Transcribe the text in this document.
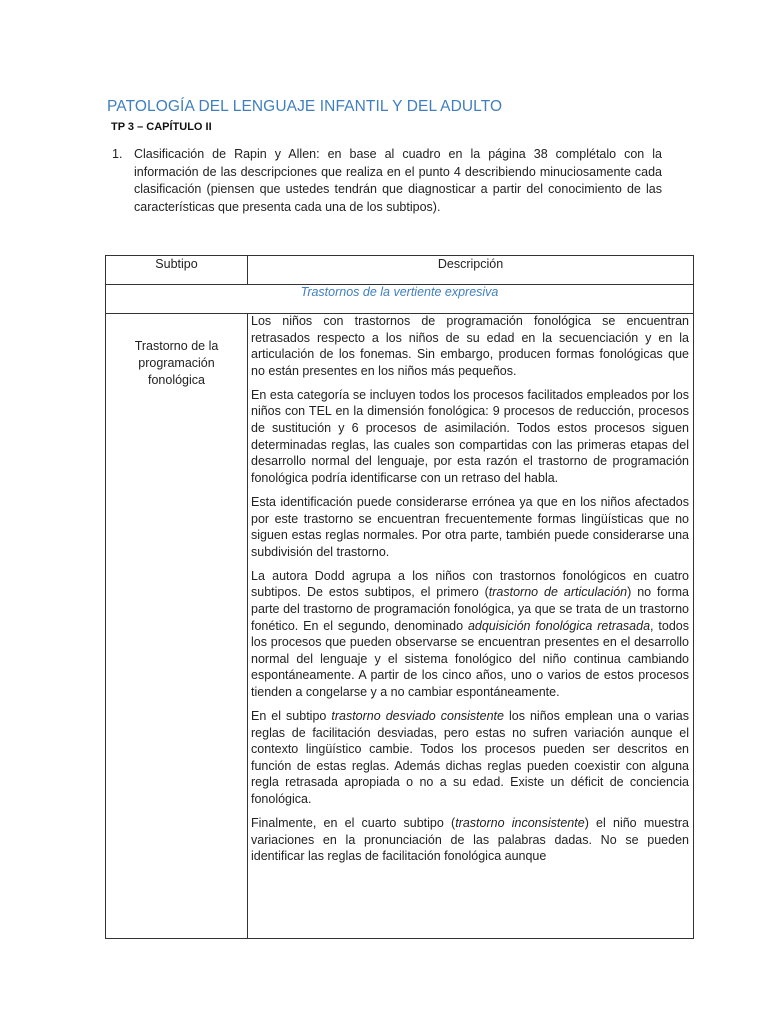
PATOLOGÍA DEL LENGUAJE INFANTIL Y DEL ADULTO
TP 3 – CAPÍTULO II
1. Clasificación de Rapin y Allen: en base al cuadro en la página 38 complétalo con la información de las descripciones que realiza en el punto 4 describiendo minuciosamente cada clasificación (piensen que ustedes tendrán que diagnosticar a partir del conocimiento de las características que presenta cada una de los subtipos).
Subtipo	Descripción
Trastornos de la vertiente expresiva
Trastorno de la programación fonológica

Los niños con trastornos de programación fonológica se encuentran retrasados respecto a los niños de su edad en la secuenciación y en la articulación de los fonemas. Sin embargo, producen formas fonológicas que no están presentes en los niños más pequeños.

En esta categoría se incluyen todos los procesos facilitados empleados por los niños con TEL en la dimensión fonológica: 9 procesos de reducción, procesos de sustitución y 6 procesos de asimilación. Todos estos procesos siguen determinadas reglas, las cuales son compartidas con las primeras etapas del desarrollo normal del lenguaje, por esta razón el trastorno de programación fonológica podría identificarse con un retraso del habla.

Esta identificación puede considerarse errónea ya que en los niños afectados por este trastorno se encuentran frecuentemente formas lingüísticas que no siguen estas reglas normales. Por otra parte, también puede considerarse una subdivisión del trastorno.

La autora Dodd agrupa a los niños con trastornos fonológicos en cuatro subtipos. De estos subtipos, el primero (trastorno de articulación) no forma parte del trastorno de programación fonológica, ya que se trata de un trastorno fonético. En el segundo, denominado adquisición fonológica retrasada, todos los procesos que pueden observarse se encuentran presentes en el desarrollo normal del lenguaje y el sistema fonológico del niño continua cambiando espontáneamente. A partir de los cinco años, uno o varios de estos procesos tienden a congelarse y a no cambiar espontáneamente.

En el subtipo trastorno desviado consistente los niños emplean una o varias reglas de facilitación desviadas, pero estas no sufren variación aunque el contexto lingüístico cambie. Todos los procesos pueden ser descritos en función de estas reglas. Además dichas reglas pueden coexistir con alguna regla retrasada apropiada o no a su edad. Existe un déficit de conciencia fonológica.

Finalmente, en el cuarto subtipo (trastorno inconsistente) el niño muestra variaciones en la pronunciación de las palabras dadas. No se pueden identificar las reglas de facilitación fonológica aunque
